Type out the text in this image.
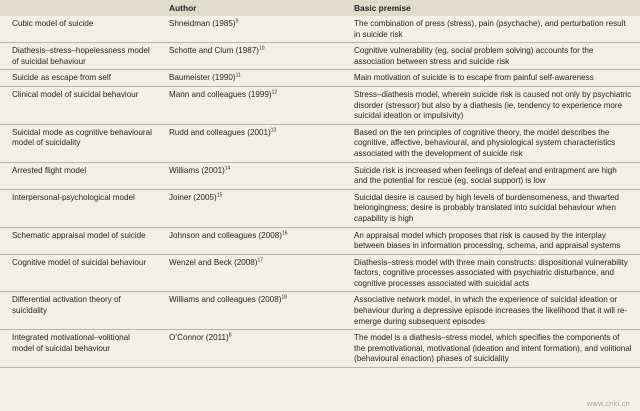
	Author	Basic premise
Cubic model of suicide	Shneidman $(1985)^9$	The combination of press (stress), pain (psychache), and perturbation result in suicide risk
Diathesis–stress–hopelessness model of suicidal behaviour	Schotte and Clum $(1987)^{10}$	Cognitive vulnerability (eg, social problem solving) accounts for the association between stress and suicide risk
Suicide as escape from self	Baumeister $(1990)^{11}$	Main motivation of suicide is to escape from painful self-awareness
Clinical model of suicidal behaviour	Mann and colleagues $(1999)^{12}$	Stress–diathesis model, wherein suicide risk is caused not only by psychiatric disorder (stressor) but also by a diathesis (ie, tendency to experience more suicidal ideation or impulsivity)
Suicidal mode as cognitive behavioural model of suicidality	Rudd and colleagues $(2001)^{13}$	Based on the ten principles of cognitive theory, the model describes the cognitive, affective, behavioural, and physiological system characteristics associated with the development of suicide risk
Arrested flight model	Williams $(2001)^{14}$	Suicide risk is increased when feelings of defeat and entrapment are high and the potential for rescue (eg, social support) is low
Interpersonal-psychological model	Joiner $(2005)^{15}$	Suicidal desire is caused by high levels of burdensomeness, and thwarted belongingness; desire is probably translated into suicidal behaviour when capability is high
Schematic appraisal model of suicide	Johnson and colleagues $(2008)^{16}$	An appraisal model which proposes that risk is caused by the interplay between biases in information processing, schema, and appraisal systems
Cognitive model of suicidal behaviour	Wenzel and Beck $(2008)^{17}$	Diathesis–stress model with three main constructs: dispositional vulnerability factors, cognitive processes associated with psychiatric disturbance, and cognitive processes associated with suicidal acts
Differential activation theory of suicidality	Williams and colleagues $(2008)^{18}$	Associative network model, in which the experience of suicidal ideation or behaviour during a depressive episode increases the likelihood that it will re-emerge during subsequent episodes
Integrated motivational–volitional model of suicidal behaviour	O’Connor $(2011)^8$	The model is a diathesis–stress model, which specifies the components of the premotivational, motivational (ideation and intent formation), and volitional (behavioural enaction) phases of suicidality
www.cnki.cn
